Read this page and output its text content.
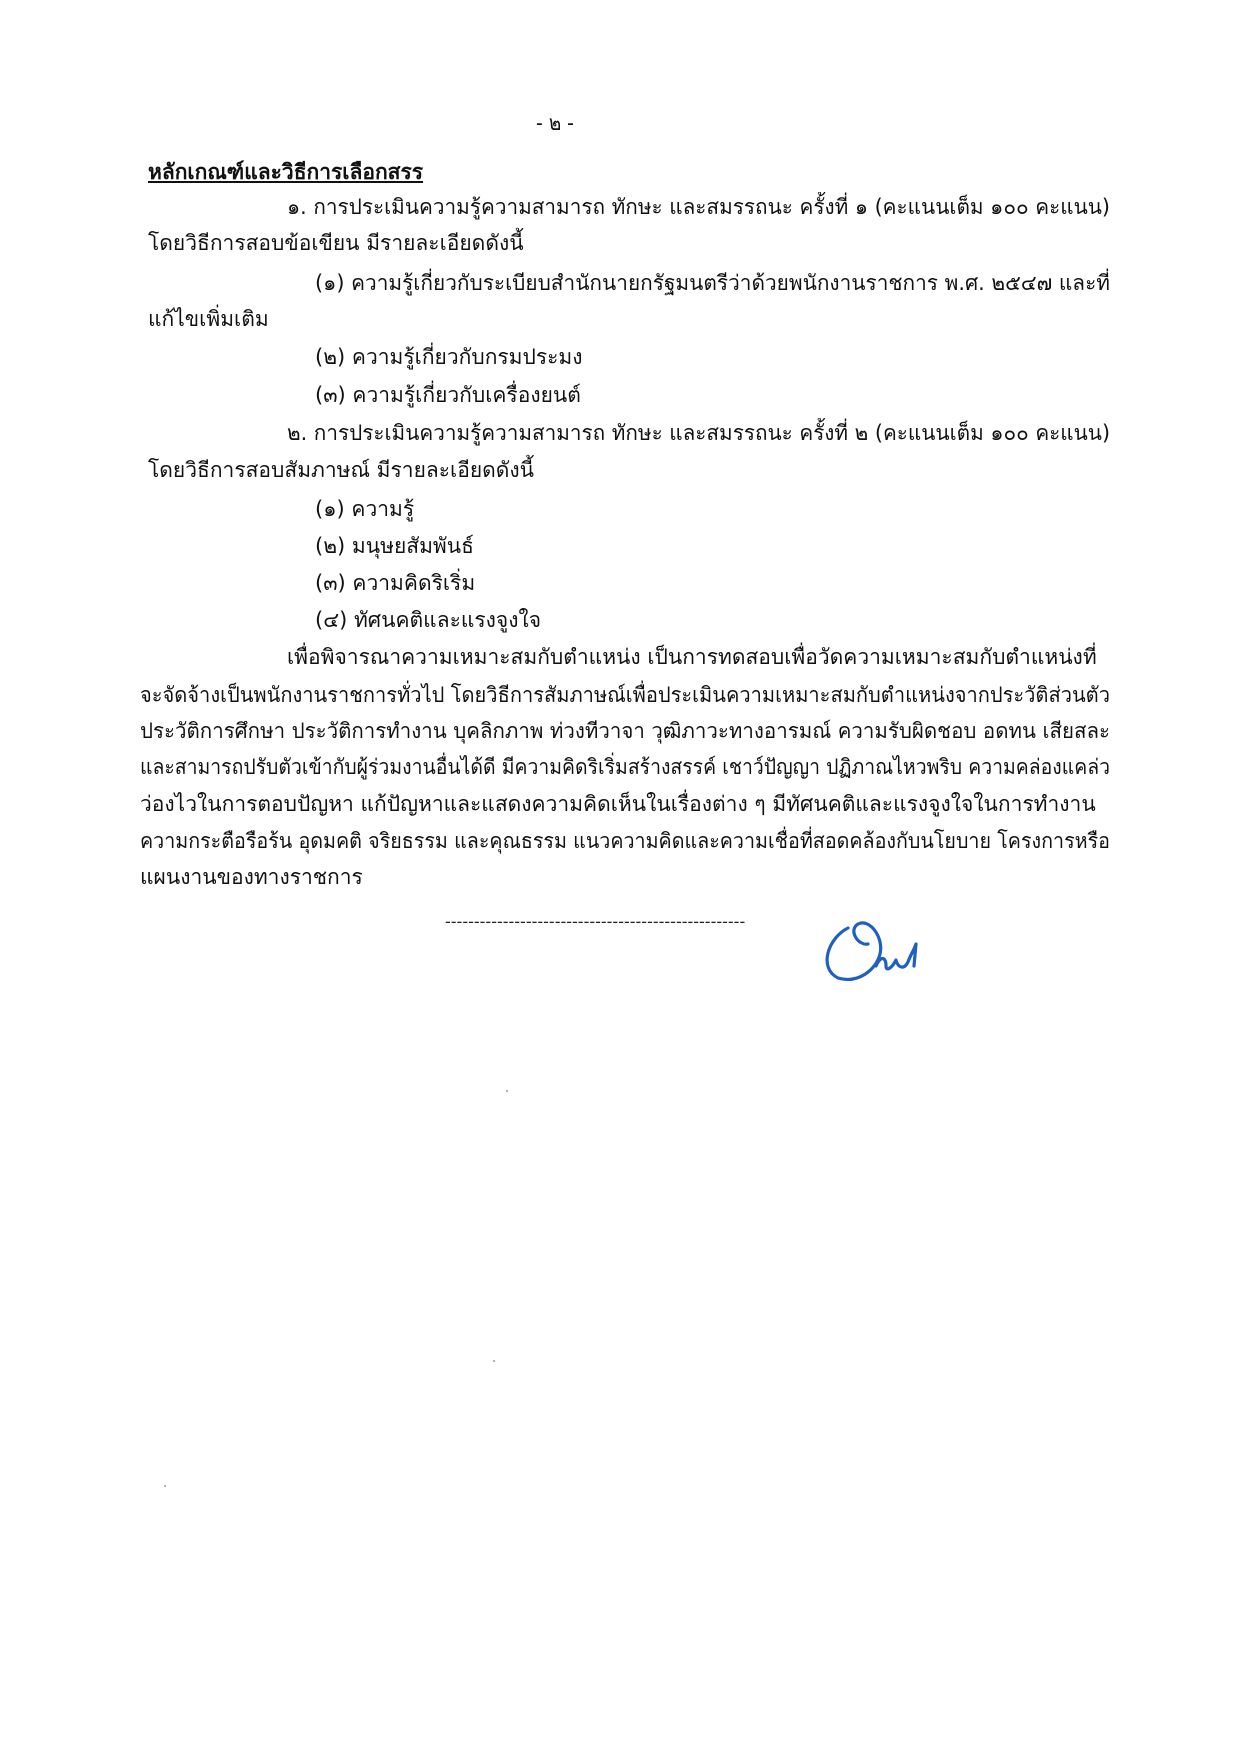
- ๒ -
หลักเกณฑ์และวิธีการเลือกสรร
๑. การประเมินความรู้ความสามารถ ทักษะ และสมรรถนะ ครั้งที่ ๑ (คะแนนเต็ม ๑๐๐ คะแนน)
โดยวิธีการสอบข้อเขียน มีรายละเอียดดังนี้
(๑) ความรู้เกี่ยวกับระเบียบสำนักนายกรัฐมนตรีว่าด้วยพนักงานราชการ พ.ศ. ๒๕๔๗ และที่
แก้ไขเพิ่มเติม
(๒) ความรู้เกี่ยวกับกรมประมง
(๓) ความรู้เกี่ยวกับเครื่องยนต์
๒. การประเมินความรู้ความสามารถ ทักษะ และสมรรถนะ ครั้งที่ ๒ (คะแนนเต็ม ๑๐๐ คะแนน)
โดยวิธีการสอบสัมภาษณ์ มีรายละเอียดดังนี้
(๑) ความรู้
(๒) มนุษยสัมพันธ์
(๓) ความคิดริเริ่ม
(๔) ทัศนคติและแรงจูงใจ
เพื่อพิจารณาความเหมาะสมกับตำแหน่ง เป็นการทดสอบเพื่อวัดความเหมาะสมกับตำแหน่งที่
จะจัดจ้างเป็นพนักงานราชการทั่วไป โดยวิธีการสัมภาษณ์เพื่อประเมินความเหมาะสมกับตำแหน่งจากประวัติส่วนตัว
ประวัติการศึกษา ประวัติการทำงาน บุคลิกภาพ ท่วงทีวาจา วุฒิภาวะทางอารมณ์ ความรับผิดชอบ อดทน เสียสละ
และสามารถปรับตัวเข้ากับผู้ร่วมงานอื่นได้ดี มีความคิดริเริ่มสร้างสรรค์ เชาว์ปัญญา ปฏิภาณไหวพริบ ความคล่องแคล่ว
ว่องไวในการตอบปัญหา แก้ปัญหาและแสดงความคิดเห็นในเรื่องต่าง ๆ มีทัศนคติและแรงจูงใจในการทำงาน
ความกระตือรือร้น อุดมคติ จริยธรรม และคุณธรรม แนวความคิดและความเชื่อที่สอดคล้องกับนโยบาย โครงการหรือ
แผนงานของทางราชการ
----------------------------------------------------
